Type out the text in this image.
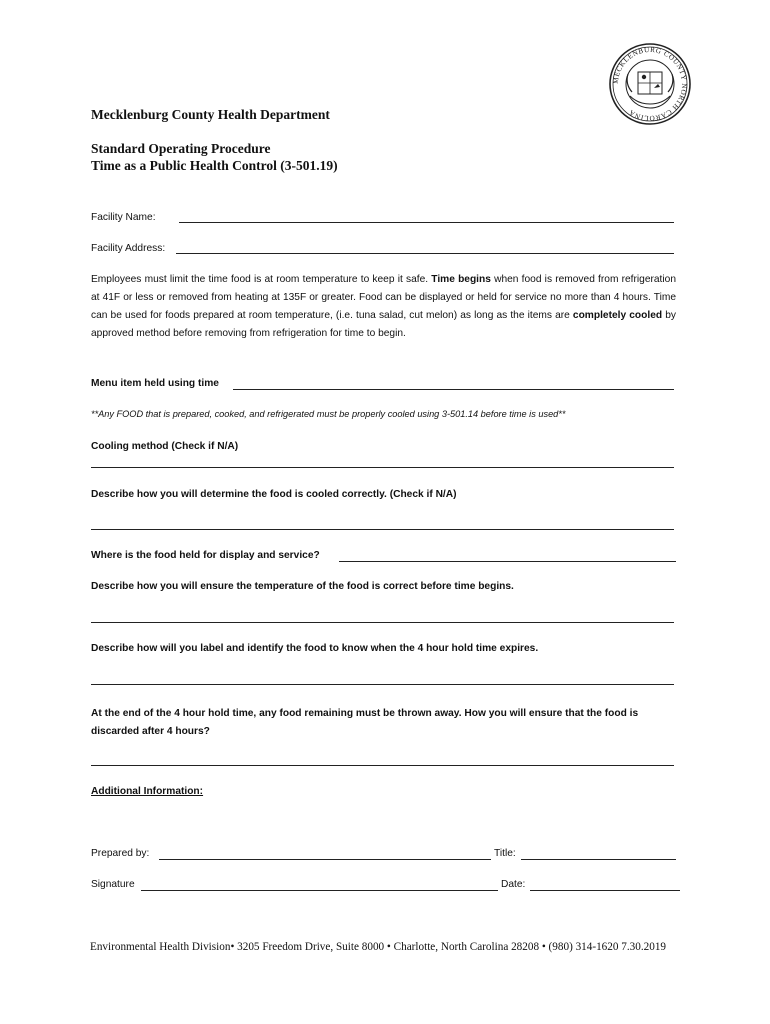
MECKLENBURG COUNTY NORTH CAROLINA
Mecklenburg County Health Department
Standard Operating Procedure
Time as a Public Health Control (3-501.19)
Facility Name:
Facility Address:

Employees must limit the time food is at room temperature to keep it safe. Time begins when food is removed from refrigeration at 41F or less or removed from heating at 135F or greater. Food can be displayed or held for service no more than 4 hours. Time can be used for foods prepared at room temperature, (i.e. tuna salad, cut melon) as long as the items are completely cooled by approved method before removing from refrigeration for time to begin.

Menu item held using time
**Any FOOD that is prepared, cooked, and refrigerated must be properly cooled using 3-501.14 before time is used**
Cooling method (Check if N/A)
Describe how you will determine the food is cooled correctly. (Check if N/A)
Where is the food held for display and service?
Describe how you will ensure the temperature of the food is correct before time begins.
Describe how will you label and identify the food to know when the 4 hour hold time expires.
At the end of the 4 hour hold time, any food remaining must be thrown away. How you will ensure that the food is discarded after 4 hours?
Additional Information:
Prepared by:	Title:
Signature	Date:
Environmental Health Division• 3205 Freedom Drive, Suite 8000 • Charlotte, North Carolina 28208 • (980) 314-1620 7.30.2019
